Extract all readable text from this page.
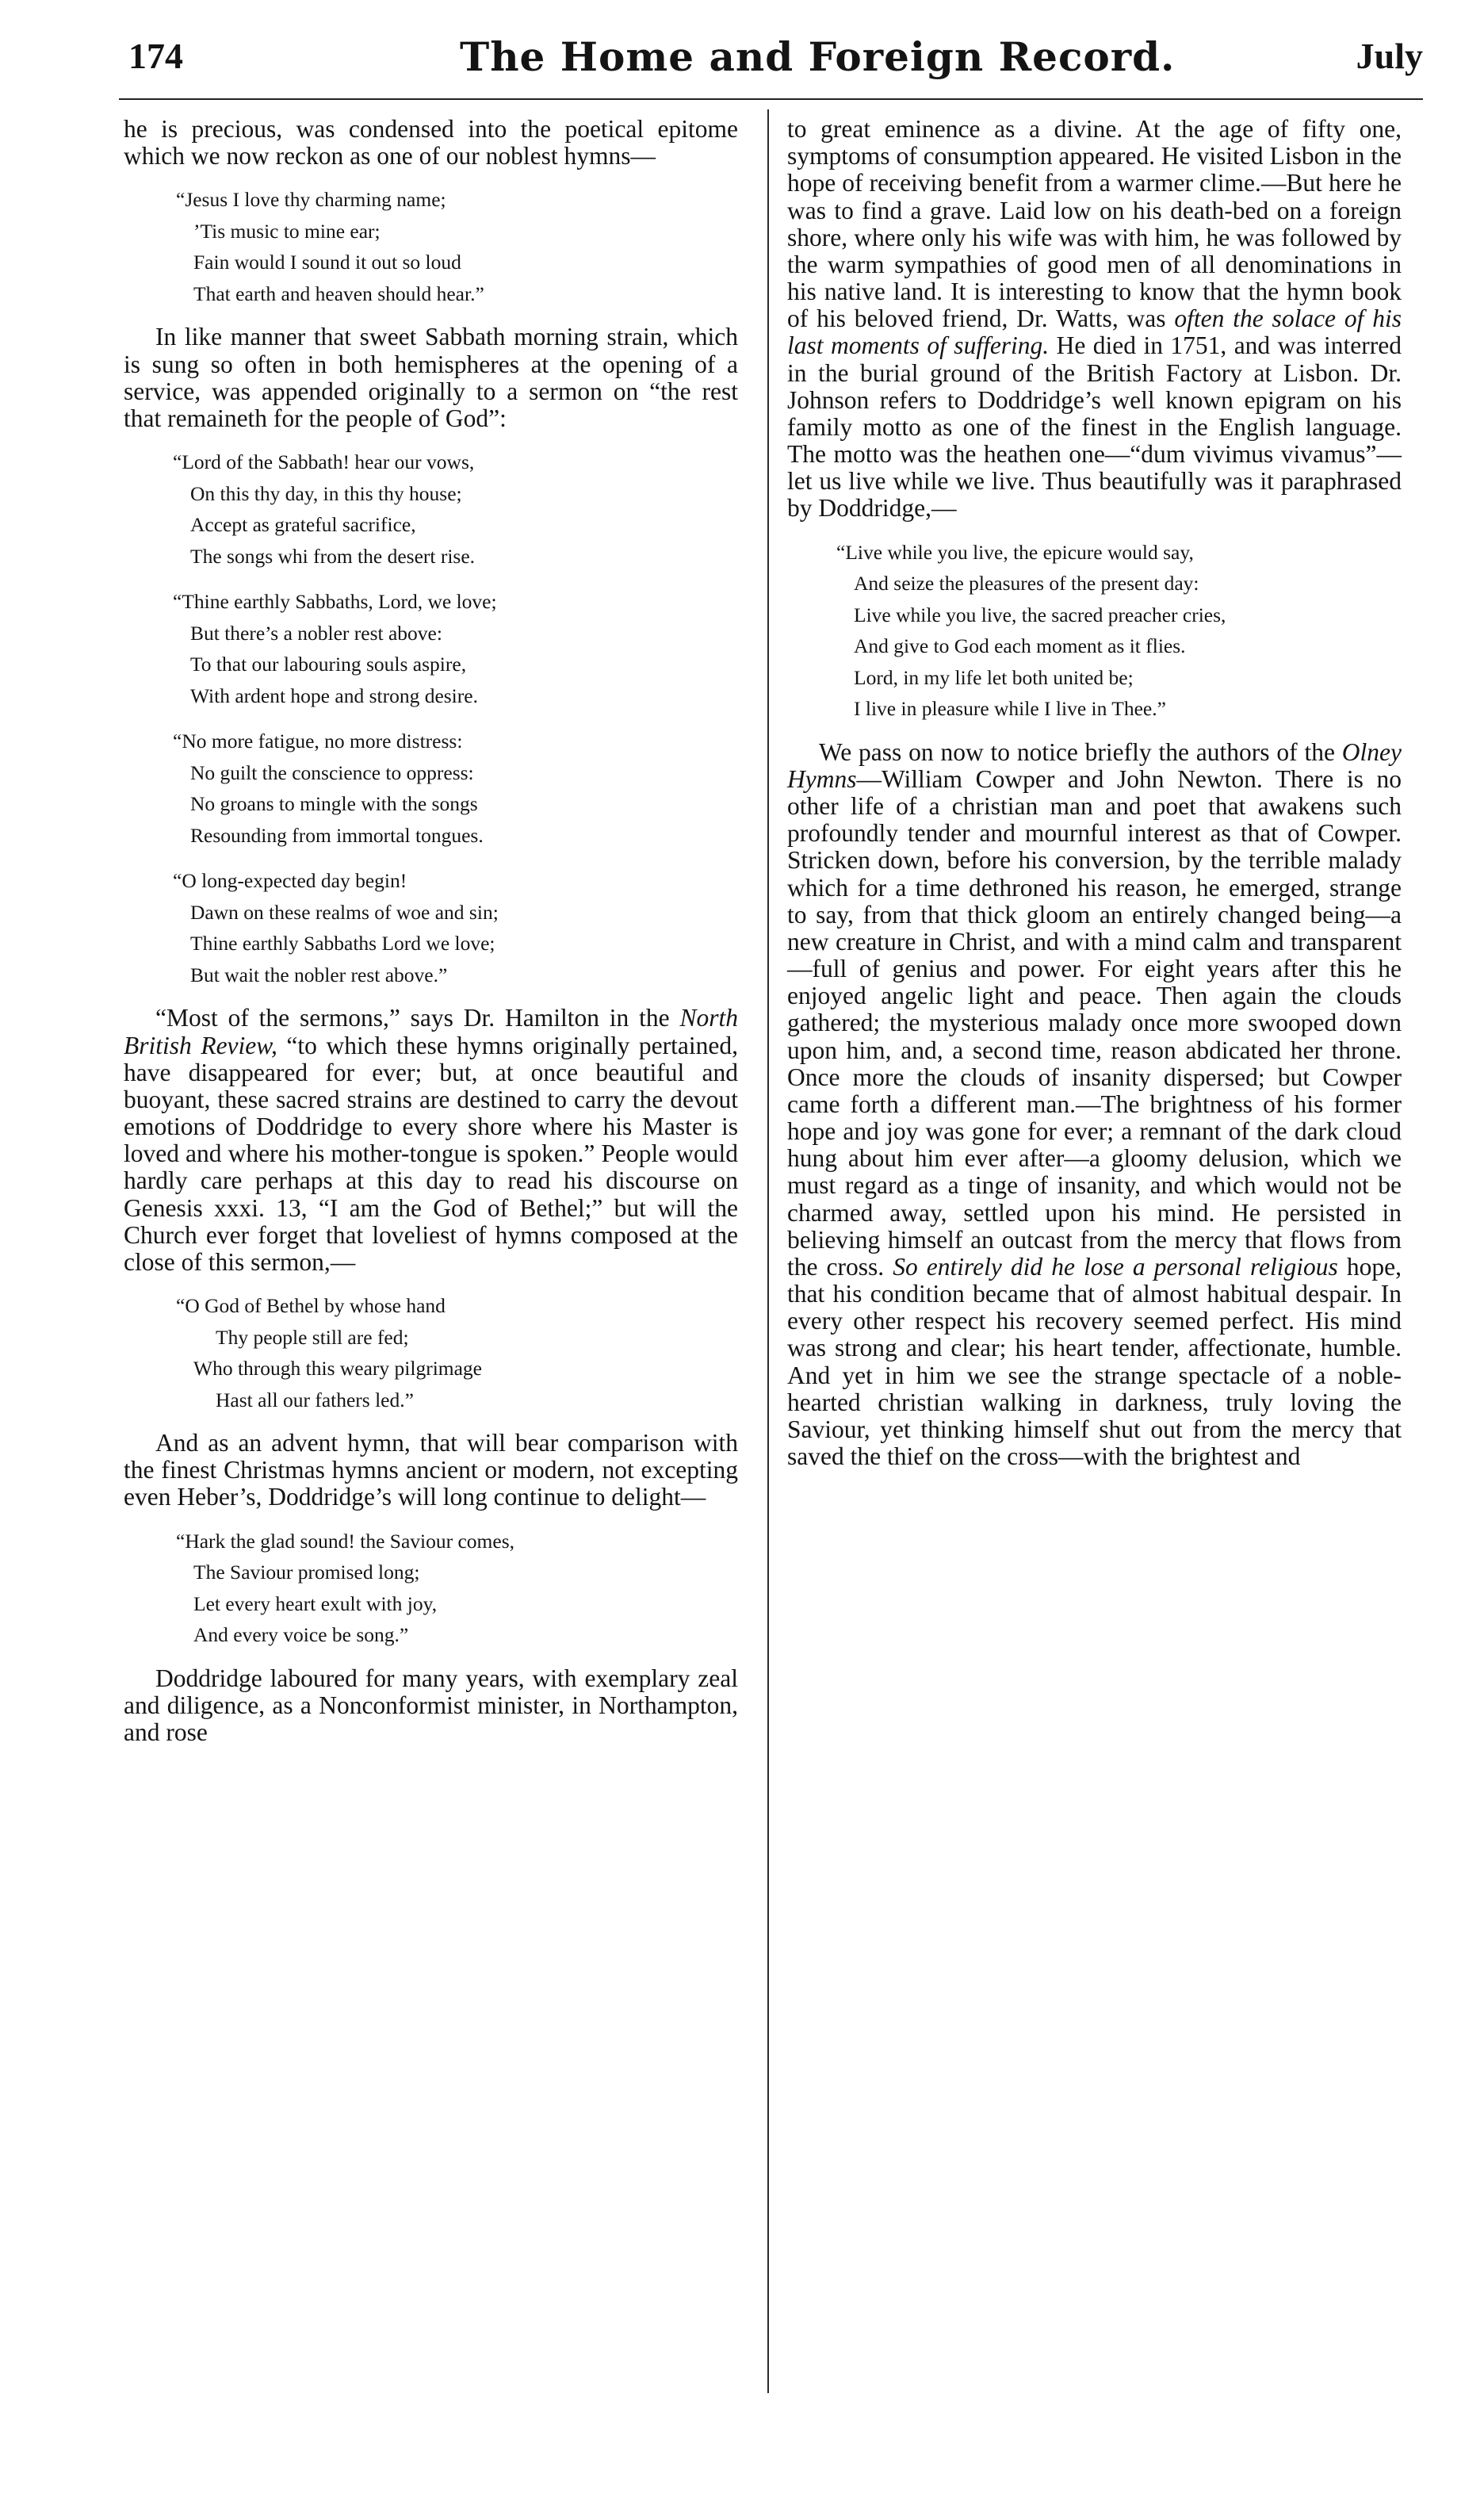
174	The Home and Foreign Record.	July

he is precious, was condensed into the poetical epitome which we now reckon as one of our noblest hymns—

“Jesus I love thy charming name;
’Tis music to mine ear;
Fain would I sound it out so loud
That earth and heaven should hear.”

In like manner that sweet Sabbath morning strain, which is sung so often in both hemispheres at the opening of a service, was appended originally to a sermon on “the rest that remaineth for the people of God”:

“Lord of the Sabbath! hear our vows,
On this thy day, in this thy house;
Accept as grateful sacrifice,
The songs whi from the desert rise.
“Thine earthly Sabbaths, Lord, we love;
But there’s a nobler rest above:
To that our labouring souls aspire,
With ardent hope and strong desire.
“No more fatigue, no more distress:
No guilt the conscience to oppress:
No groans to mingle with the songs
Resounding from immortal tongues.
“O long-expected day begin!
Dawn on these realms of woe and sin;
Thine earthly Sabbaths Lord we love;
But wait the nobler rest above.”

“Most of the sermons,” says Dr. Hamilton in the North British Review, “to which these hymns originally pertained, have disappeared for ever; but, at once beautiful and buoyant, these sacred strains are destined to carry the devout emotions of Doddridge to every shore where his Master is loved and where his mother-tongue is spoken.” People would hardly care perhaps at this day to read his discourse on Genesis xxxi. 13, “I am the God of Bethel;” but will the Church ever forget that loveliest of hymns composed at the close of this sermon,—

“O God of Bethel by whose hand
Thy people still are fed;
Who through this weary pilgrimage
Hast all our fathers led.”

And as an advent hymn, that will bear comparison with the finest Christmas hymns ancient or modern, not excepting even Heber’s, Doddridge’s will long continue to delight—

“Hark the glad sound! the Saviour comes,
The Saviour promised long;
Let every heart exult with joy,
And every voice be song.”

Doddridge laboured for many years, with exemplary zeal and diligence, as a Nonconformist minister, in Northampton, and rose

to great eminence as a divine. At the age of fifty one, symptoms of consumption appeared. He visited Lisbon in the hope of receiving benefit from a warmer clime.—But here he was to find a grave. Laid low on his death-bed on a foreign shore, where only his wife was with him, he was followed by the warm sympathies of good men of all denominations in his native land. It is interesting to know that the hymn book of his beloved friend, Dr. Watts, was often the solace of his last moments of suffering. He died in 1751, and was interred in the burial ground of the British Factory at Lisbon. Dr. Johnson refers to Doddridge’s well known epigram on his family motto as one of the finest in the English language. The motto was the heathen one—“dum vivimus vivamus”—let us live while we live. Thus beautifully was it paraphrased by Doddridge,—

“Live while you live, the epicure would say,
And seize the pleasures of the present day:
Live while you live, the sacred preacher cries,
And give to God each moment as it flies.
Lord, in my life let both united be;
I live in pleasure while I live in Thee.”

We pass on now to notice briefly the authors of the Olney Hymns—William Cowper and John Newton. There is no other life of a christian man and poet that awakens such profoundly tender and mournful interest as that of Cowper. Stricken down, before his conversion, by the terrible malady which for a time dethroned his reason, he emerged, strange to say, from that thick gloom an entirely changed being—a new creature in Christ, and with a mind calm and transparent—full of genius and power. For eight years after this he enjoyed angelic light and peace. Then again the clouds gathered; the mysterious malady once more swooped down upon him, and, a second time, reason abdicated her throne. Once more the clouds of insanity dispersed; but Cowper came forth a different man.—The brightness of his former hope and joy was gone for ever; a remnant of the dark cloud hung about him ever after—a gloomy delusion, which we must regard as a tinge of insanity, and which would not be charmed away, settled upon his mind. He persisted in believing himself an outcast from the mercy that flows from the cross. So entirely did he lose a personal religious hope, that his condition became that of almost habitual despair. In every other respect his recovery seemed perfect. His mind was strong and clear; his heart tender, affectionate, humble. And yet in him we see the strange spectacle of a noble-hearted christian walking in darkness, truly loving the Saviour, yet thinking himself shut out from the mercy that saved the thief on the cross—with the brightest and
